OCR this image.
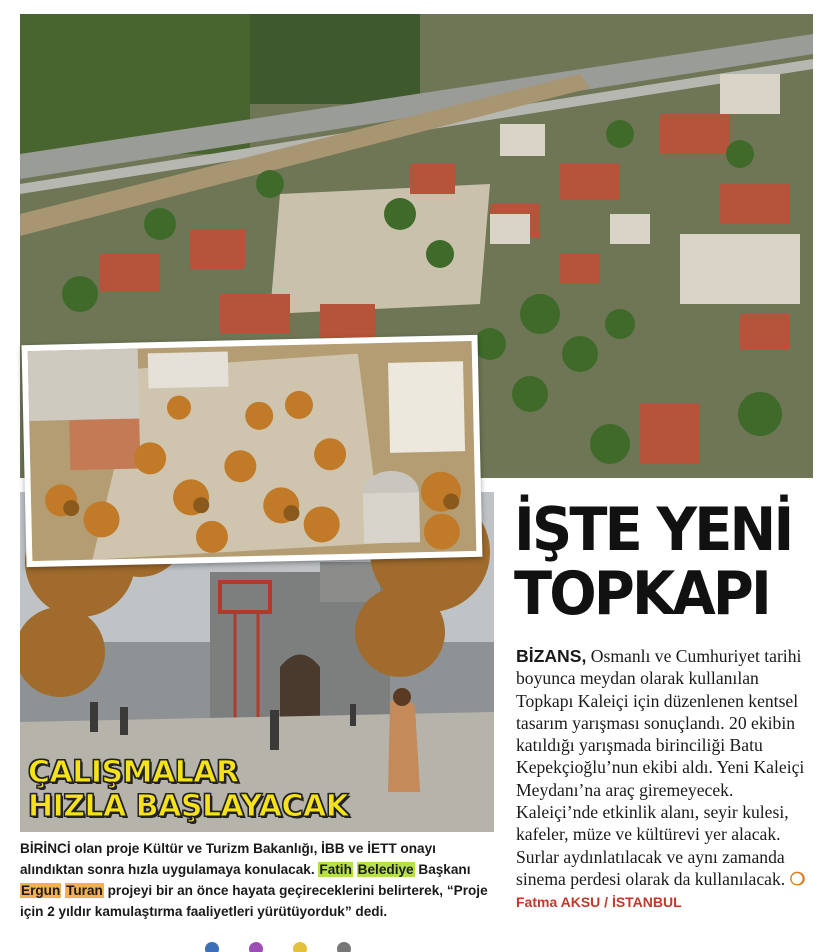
ÇALIŞMALAR
HIZLA BAŞLAYACAK
İŞTE YENİ
TOPKAPI

BİZANS, Osmanlı ve Cumhuriyet tarihi boyunca meydan olarak kullanılan Topkapı Kaleiçi için düzenlenen kentsel tasarım yarışması sonuçlandı. 20 ekibin katıldığı yarışmada birinciliği Batu Kepekçioğlu’nun ekibi aldı. Yeni Kaleiçi Meydanı’na araç giremeyecek. Kaleiçi’nde etkinlik alanı, seyir kulesi, kafeler, müze ve kültürevi yer alacak. Surlar aydınlatılacak ve aynı zamanda sinema perdesi olarak da kullanılacak. ❍ Fatma AKSU / İSTANBUL

BİRİNCİ olan proje Kültür ve Turizm Bakanlığı, İBB ve İETT onayı alındıktan sonra hızla uygulamaya konulacak. Fatih Belediye Başkanı Ergun Turan projeyi bir an önce hayata geçireceklerini belirterek, “Proje için 2 yıldır kamulaştırma faaliyetleri yürütüyorduk” dedi.
